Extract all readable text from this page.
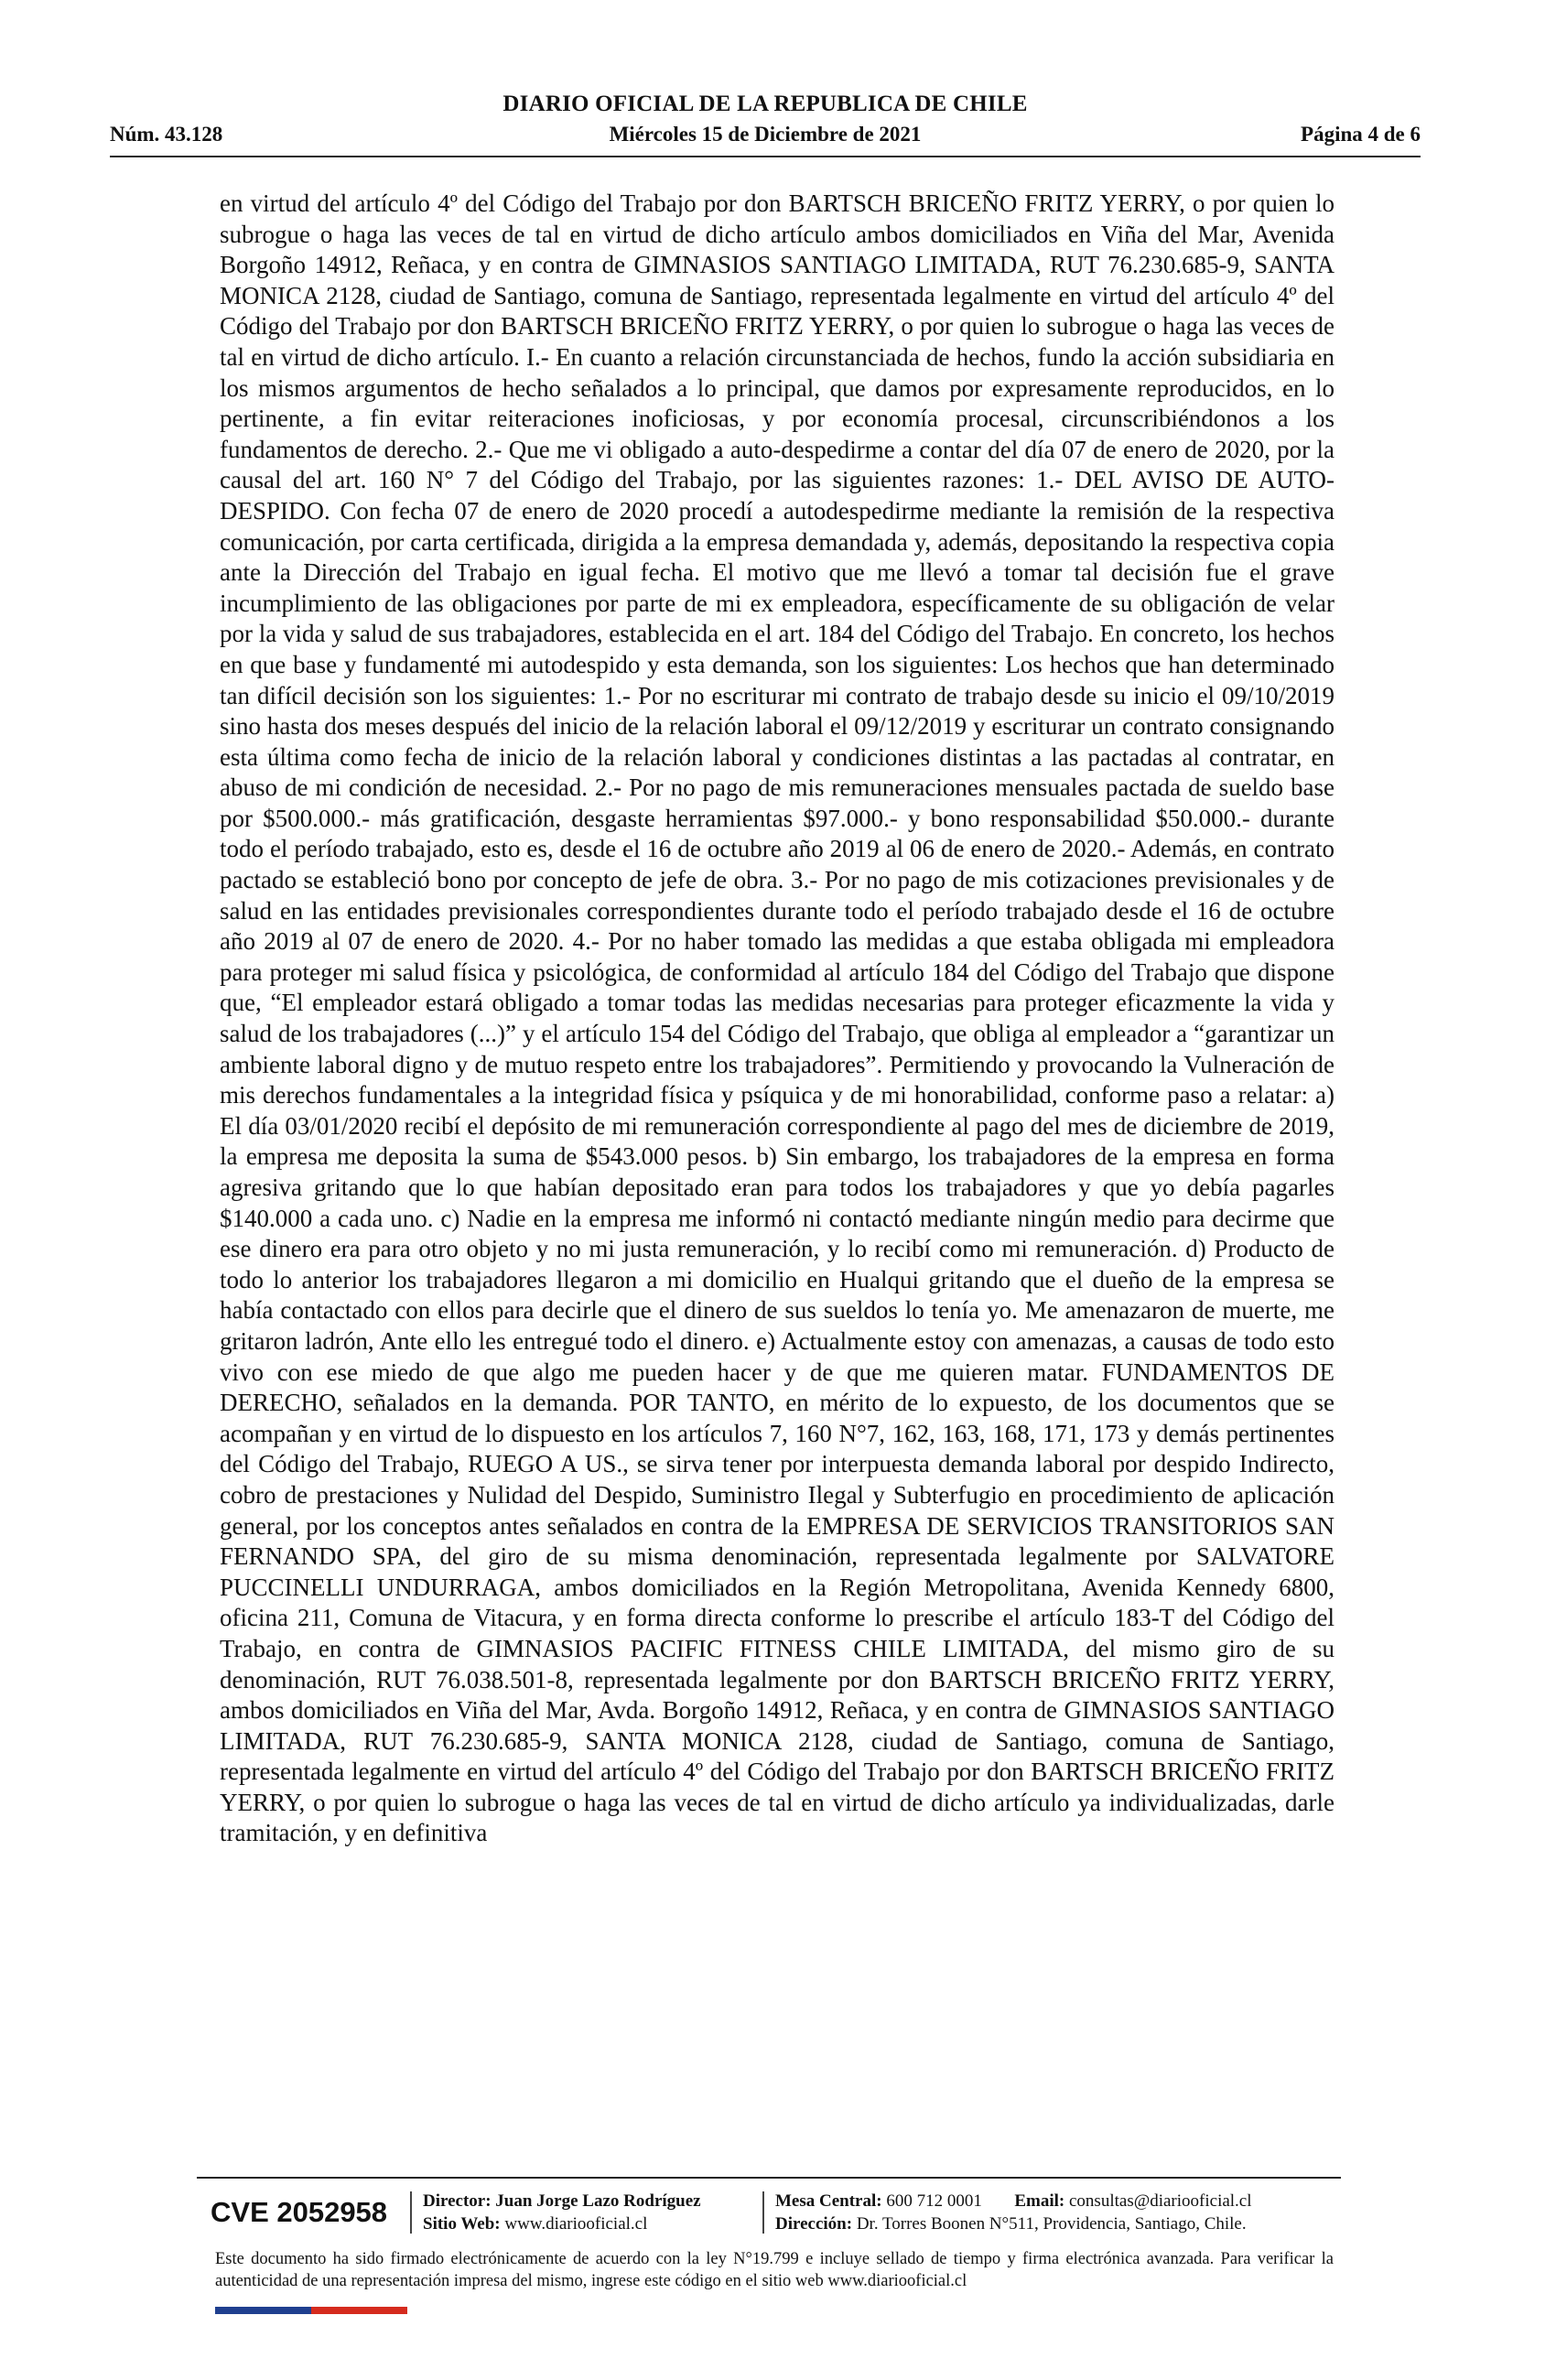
DIARIO OFICIAL DE LA REPUBLICA DE CHILE
Núm. 43.128	Miércoles 15 de Diciembre de 2021	Página 4 de 6

en virtud del artículo 4º del Código del Trabajo por don BARTSCH BRICEÑO FRITZ YERRY, o por quien lo subrogue o haga las veces de tal en virtud de dicho artículo ambos domiciliados en Viña del Mar, Avenida Borgoño 14912, Reñaca, y en contra de GIMNASIOS SANTIAGO LIMITADA, RUT 76.230.685-9, SANTA MONICA 2128, ciudad de Santiago, comuna de Santiago, representada legalmente en virtud del artículo 4º del Código del Trabajo por don BARTSCH BRICEÑO FRITZ YERRY, o por quien lo subrogue o haga las veces de tal en virtud de dicho artículo. I.- En cuanto a relación circunstanciada de hechos, fundo la acción subsidiaria en los mismos argumentos de hecho señalados a lo principal, que damos por expresamente reproducidos, en lo pertinente, a fin evitar reiteraciones inoficiosas, y por economía procesal, circunscribiéndonos a los fundamentos de derecho. 2.- Que me vi obligado a auto-despedirme a contar del día 07 de enero de 2020, por la causal del art. 160 N° 7 del Código del Trabajo, por las siguientes razones: 1.- DEL AVISO DE AUTO-DESPIDO. Con fecha 07 de enero de 2020 procedí a autodespedirme mediante la remisión de la respectiva comunicación, por carta certificada, dirigida a la empresa demandada y, además, depositando la respectiva copia ante la Dirección del Trabajo en igual fecha. El motivo que me llevó a tomar tal decisión fue el grave incumplimiento de las obligaciones por parte de mi ex empleadora, específicamente de su obligación de velar por la vida y salud de sus trabajadores, establecida en el art. 184 del Código del Trabajo. En concreto, los hechos en que base y fundamenté mi autodespido y esta demanda, son los siguientes: Los hechos que han determinado tan difícil decisión son los siguientes: 1.- Por no escriturar mi contrato de trabajo desde su inicio el 09/10/2019 sino hasta dos meses después del inicio de la relación laboral el 09/12/2019 y escriturar un contrato consignando esta última como fecha de inicio de la relación laboral y condiciones distintas a las pactadas al contratar, en abuso de mi condición de necesidad. 2.- Por no pago de mis remuneraciones mensuales pactada de sueldo base por $500.000.- más gratificación, desgaste herramientas $97.000.- y bono responsabilidad $50.000.- durante todo el período trabajado, esto es, desde el 16 de octubre año 2019 al 06 de enero de 2020.- Además, en contrato pactado se estableció bono por concepto de jefe de obra. 3.- Por no pago de mis cotizaciones previsionales y de salud en las entidades previsionales correspondientes durante todo el período trabajado desde el 16 de octubre año 2019 al 07 de enero de 2020. 4.- Por no haber tomado las medidas a que estaba obligada mi empleadora para proteger mi salud física y psicológica, de conformidad al artículo 184 del Código del Trabajo que dispone que, “El empleador estará obligado a tomar todas las medidas necesarias para proteger eficazmente la vida y salud de los trabajadores (...)” y el artículo 154 del Código del Trabajo, que obliga al empleador a “garantizar un ambiente laboral digno y de mutuo respeto entre los trabajadores”. Permitiendo y provocando la Vulneración de mis derechos fundamentales a la integridad física y psíquica y de mi honorabilidad, conforme paso a relatar: a) El día 03/01/2020 recibí el depósito de mi remuneración correspondiente al pago del mes de diciembre de 2019, la empresa me deposita la suma de $543.000 pesos. b) Sin embargo, los trabajadores de la empresa en forma agresiva gritando que lo que habían depositado eran para todos los trabajadores y que yo debía pagarles $140.000 a cada uno. c) Nadie en la empresa me informó ni contactó mediante ningún medio para decirme que ese dinero era para otro objeto y no mi justa remuneración, y lo recibí como mi remuneración. d) Producto de todo lo anterior los trabajadores llegaron a mi domicilio en Hualqui gritando que el dueño de la empresa se había contactado con ellos para decirle que el dinero de sus sueldos lo tenía yo. Me amenazaron de muerte, me gritaron ladrón, Ante ello les entregué todo el dinero. e) Actualmente estoy con amenazas, a causas de todo esto vivo con ese miedo de que algo me pueden hacer y de que me quieren matar. FUNDAMENTOS DE DERECHO, señalados en la demanda. POR TANTO, en mérito de lo expuesto, de los documentos que se acompañan y en virtud de lo dispuesto en los artículos 7, 160 N°7, 162, 163, 168, 171, 173 y demás pertinentes del Código del Trabajo, RUEGO A US., se sirva tener por interpuesta demanda laboral por despido Indirecto, cobro de prestaciones y Nulidad del Despido, Suministro Ilegal y Subterfugio en procedimiento de aplicación general, por los conceptos antes señalados en contra de la EMPRESA DE SERVICIOS TRANSITORIOS SAN FERNANDO SPA, del giro de su misma denominación, representada legalmente por SALVATORE PUCCINELLI UNDURRAGA, ambos domiciliados en la Región Metropolitana, Avenida Kennedy 6800, oficina 211, Comuna de Vitacura, y en forma directa conforme lo prescribe el artículo 183-T del Código del Trabajo, en contra de GIMNASIOS PACIFIC FITNESS CHILE LIMITADA, del mismo giro de su denominación, RUT 76.038.501-8, representada legalmente por don BARTSCH BRICEÑO FRITZ YERRY, ambos domiciliados en Viña del Mar, Avda. Borgoño 14912, Reñaca, y en contra de GIMNASIOS SANTIAGO LIMITADA, RUT 76.230.685-9, SANTA MONICA 2128, ciudad de Santiago, comuna de Santiago, representada legalmente en virtud del artículo 4º del Código del Trabajo por don BARTSCH BRICEÑO FRITZ YERRY, o por quien lo subrogue o haga las veces de tal en virtud de dicho artículo ya individualizadas, darle tramitación, y en definitiva

CVE 2052958	Director: Juan Jorge Lazo Rodríguez
Sitio Web: www.diariooficial.cl
Mesa Central: 600 712 0001 Email: consultas@diariooficial.cl
Dirección: Dr. Torres Boonen N°511, Providencia, Santiago, Chile.

Este documento ha sido firmado electrónicamente de acuerdo con la ley N°19.799 e incluye sellado de tiempo y firma electrónica avanzada. Para verificar la autenticidad de una representación impresa del mismo, ingrese este código en el sitio web www.diariooficial.cl
